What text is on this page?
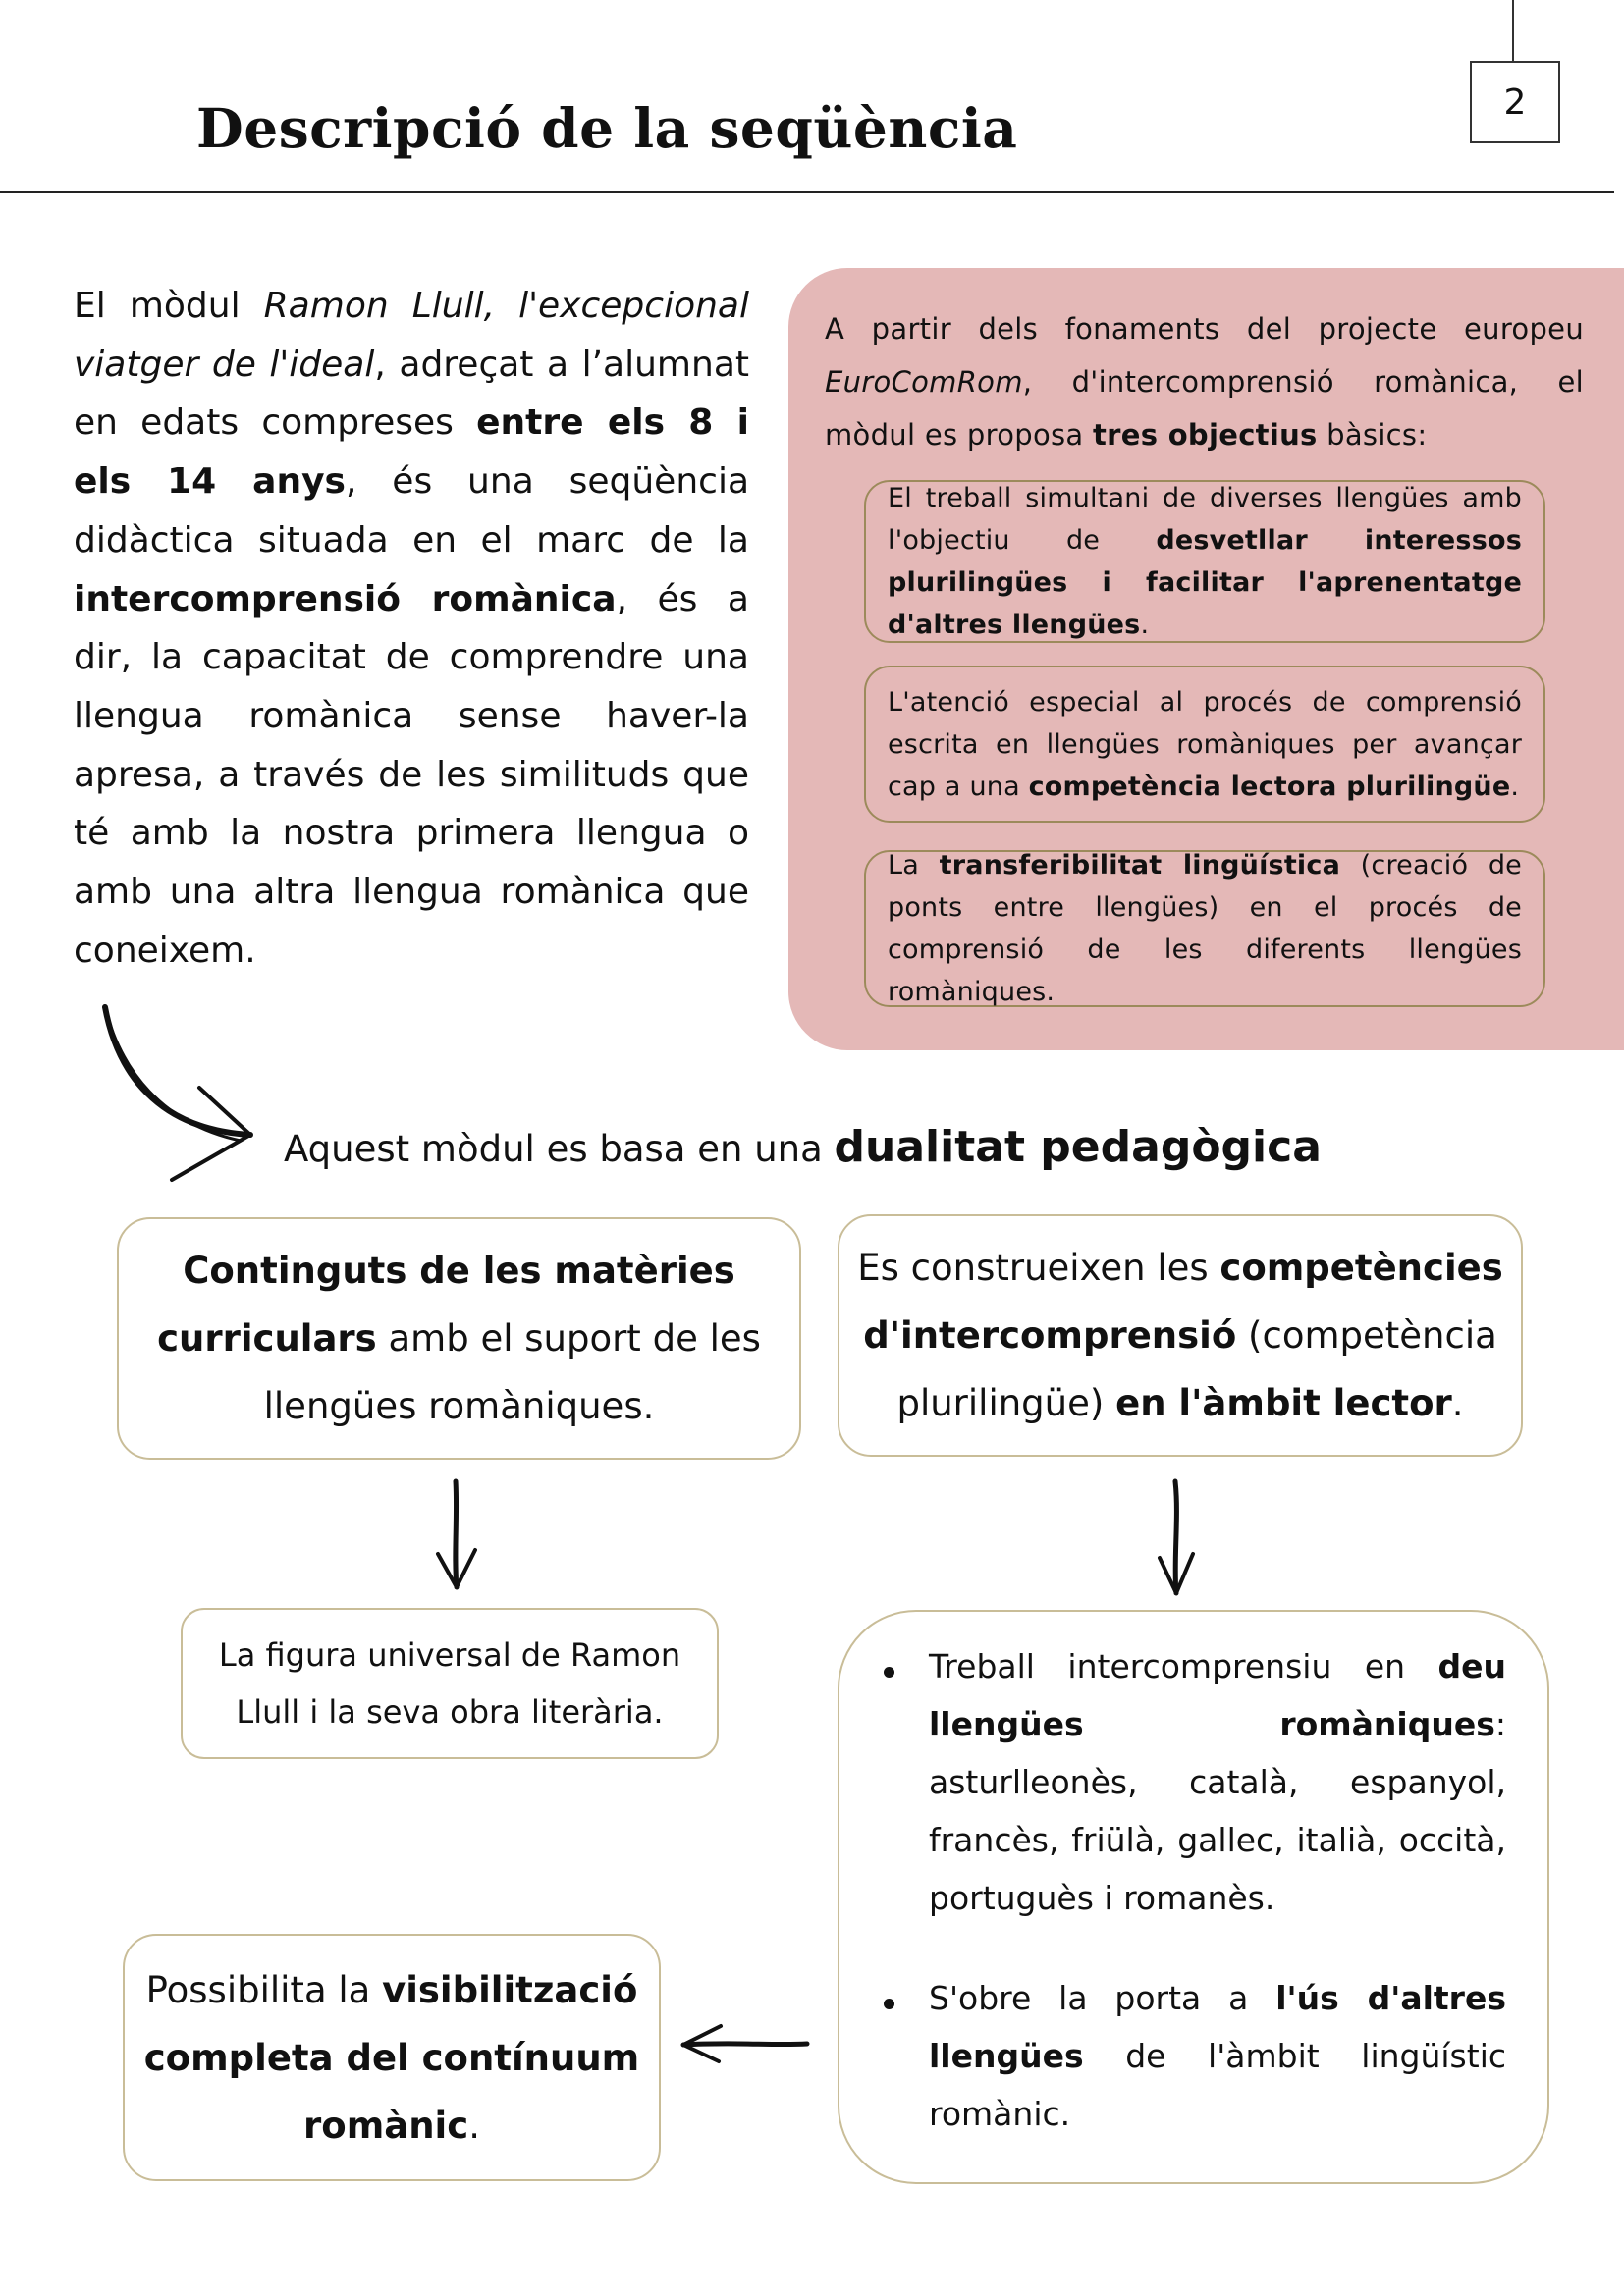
Descripció de la seqüència	2

El mòdul Ramon Llull, l'excepcional viatger de l'ideal, adreçat a l’alumnat en edats compreses entre els 8 i els 14 anys, és una seqüència didàctica situada en el marc de la intercomprensió romànica, és a dir, la capacitat de comprendre una llengua romànica sense haver-la apresa, a través de les similituds que té amb la nostra primera llengua o amb una altra llengua romànica que coneixem.

A partir dels fonaments del projecte europeu EuroComRom, d'intercomprensió romànica, el mòdul es proposa tres objectius bàsics:

El treball simultani de diverses llengües amb l'objectiu de desvetllar interessos plurilingües i facilitar l'aprenentatge d'altres llengües.

L'atenció especial al procés de comprensió escrita en llengües romàniques per avançar cap a una competència lectora plurilingüe.

La transferibilitat lingüística (creació de ponts entre llengües) en el procés de comprensió de les diferents llengües romàniques.

Aquest mòdul es basa en una dualitat pedagògica

Continguts de les matèries curriculars amb el suport de les llengües romàniques.

Es construeixen les competències d'intercomprensió (competència plurilingüe) en l'àmbit lector.

La figura universal de Ramon Llull i la seva obra literària.

Treball intercomprensiu en deu llengües romàniques: asturlleonès, català, espanyol, francès, friülà, gallec, italià, occità, portuguès i romanès.

S'obre la porta a l'ús d'altres llengües de l'àmbit lingüístic romànic.

Possibilita la visibilització completa del contínuum romànic.
